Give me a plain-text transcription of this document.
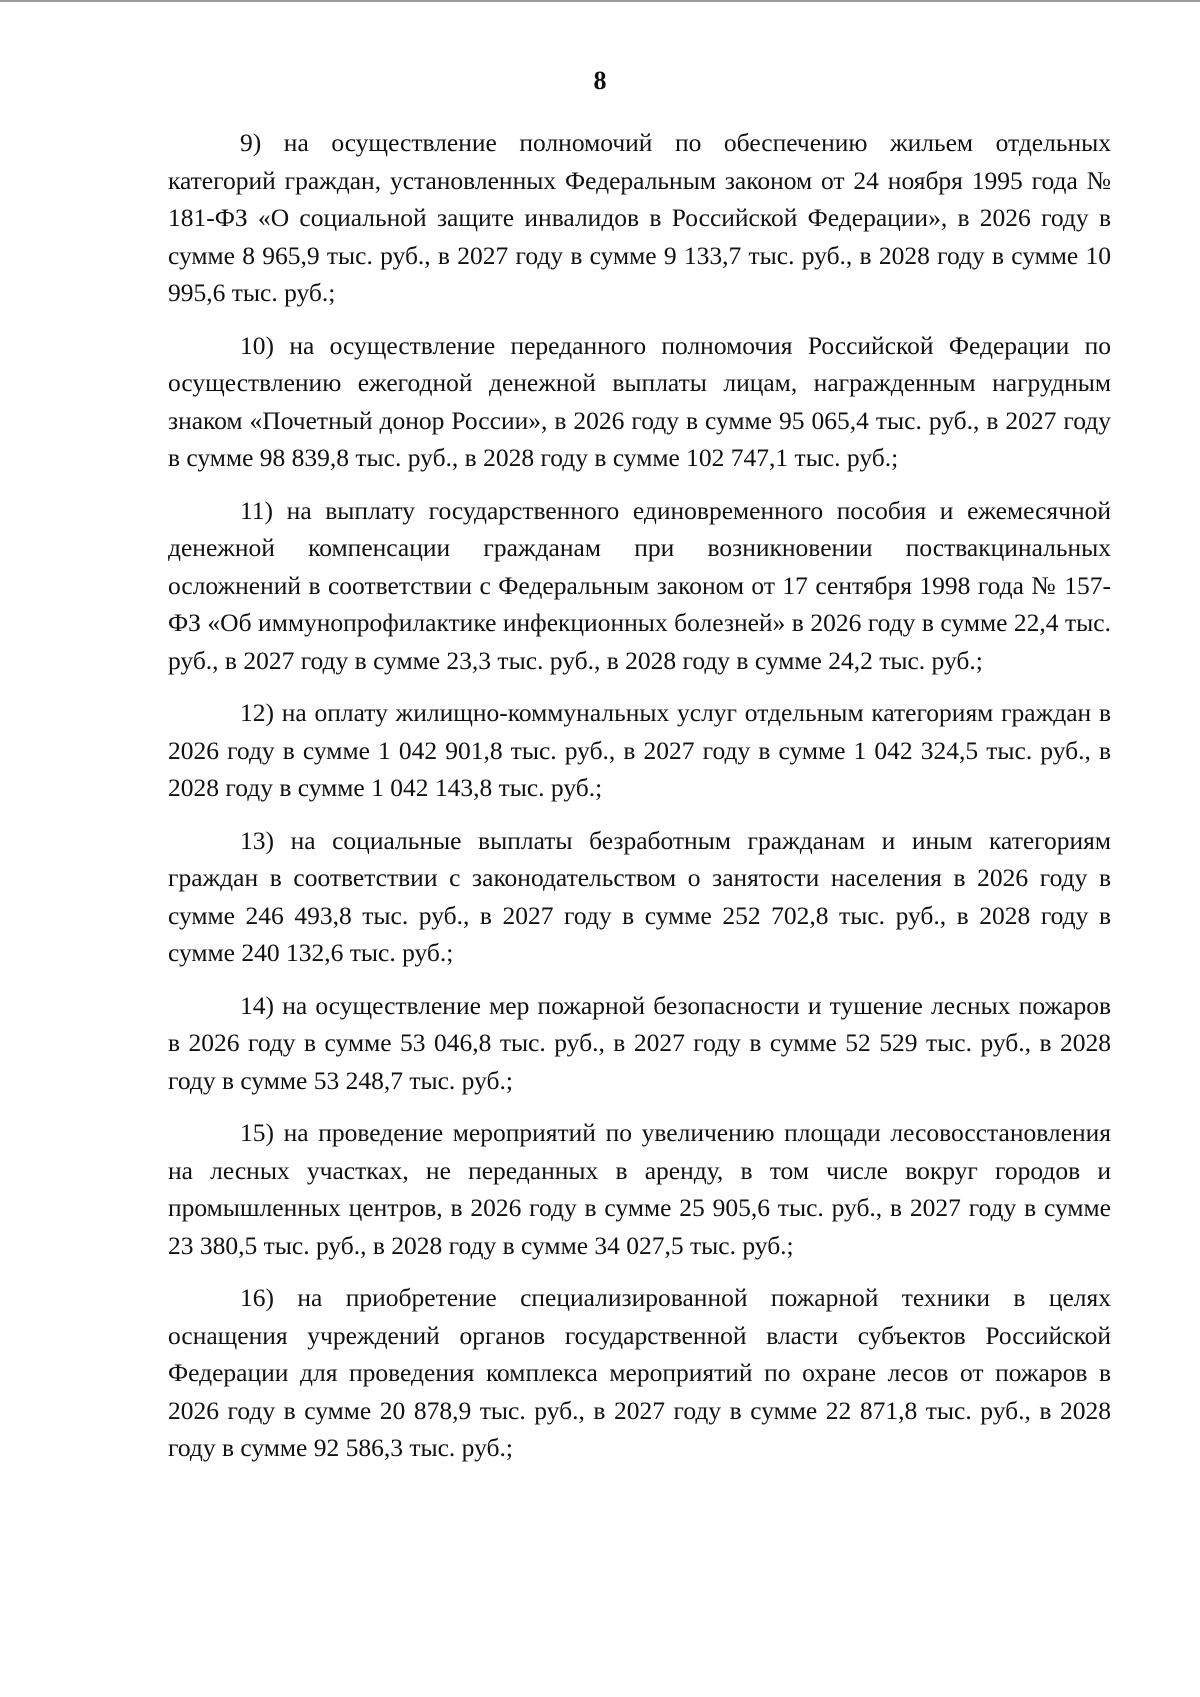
8

9) на осуществление полномочий по обеспечению жильем отдельных категорий граждан, установленных Федеральным законом от 24 ноября 1995 года № 181-ФЗ «О социальной защите инвалидов в Российской Федерации», в 2026 году в сумме 8 965,9 тыс. руб., в 2027 году в сумме 9 133,7 тыс. руб., в 2028 году в сумме 10 995,6 тыс. руб.;

10) на осуществление переданного полномочия Российской Федерации по осуществлению ежегодной денежной выплаты лицам, награжденным нагрудным знаком «Почетный донор России», в 2026 году в сумме 95 065,4 тыс. руб., в 2027 году в сумме 98 839,8 тыс. руб., в 2028 году в сумме 102 747,1 тыс. руб.;

11) на выплату государственного единовременного пособия и ежемесячной денежной компенсации гражданам при возникновении поствакцинальных осложнений в соответствии с Федеральным законом от 17 сентября 1998 года № 157-ФЗ «Об иммунопрофилактике инфекционных болезней» в 2026 году в сумме 22,4 тыс. руб., в 2027 году в сумме 23,3 тыс. руб., в 2028 году в сумме 24,2 тыс. руб.;

12) на оплату жилищно-коммунальных услуг отдельным категориям граждан в 2026 году в сумме 1 042 901,8 тыс. руб., в 2027 году в сумме 1 042 324,5 тыс. руб., в 2028 году в сумме 1 042 143,8 тыс. руб.;

13) на социальные выплаты безработным гражданам и иным категориям граждан в соответствии с законодательством о занятости населения в 2026 году в сумме 246 493,8 тыс. руб., в 2027 году в сумме 252 702,8 тыс. руб., в 2028 году в сумме 240 132,6 тыс. руб.;

14) на осуществление мер пожарной безопасности и тушение лесных пожаров в 2026 году в сумме 53 046,8 тыс. руб., в 2027 году в сумме 52 529 тыс. руб., в 2028 году в сумме 53 248,7 тыс. руб.;

15) на проведение мероприятий по увеличению площади лесовосстановления на лесных участках, не переданных в аренду, в том числе вокруг городов и промышленных центров, в 2026 году в сумме 25 905,6 тыс. руб., в 2027 году в сумме 23 380,5 тыс. руб., в 2028 году в сумме 34 027,5 тыс. руб.;

16) на приобретение специализированной пожарной техники в целях оснащения учреждений органов государственной власти субъектов Российской Федерации для проведения комплекса мероприятий по охране лесов от пожаров в 2026 году в сумме 20 878,9 тыс. руб., в 2027 году в сумме 22 871,8 тыс. руб., в 2028 году в сумме 92 586,3 тыс. руб.;
